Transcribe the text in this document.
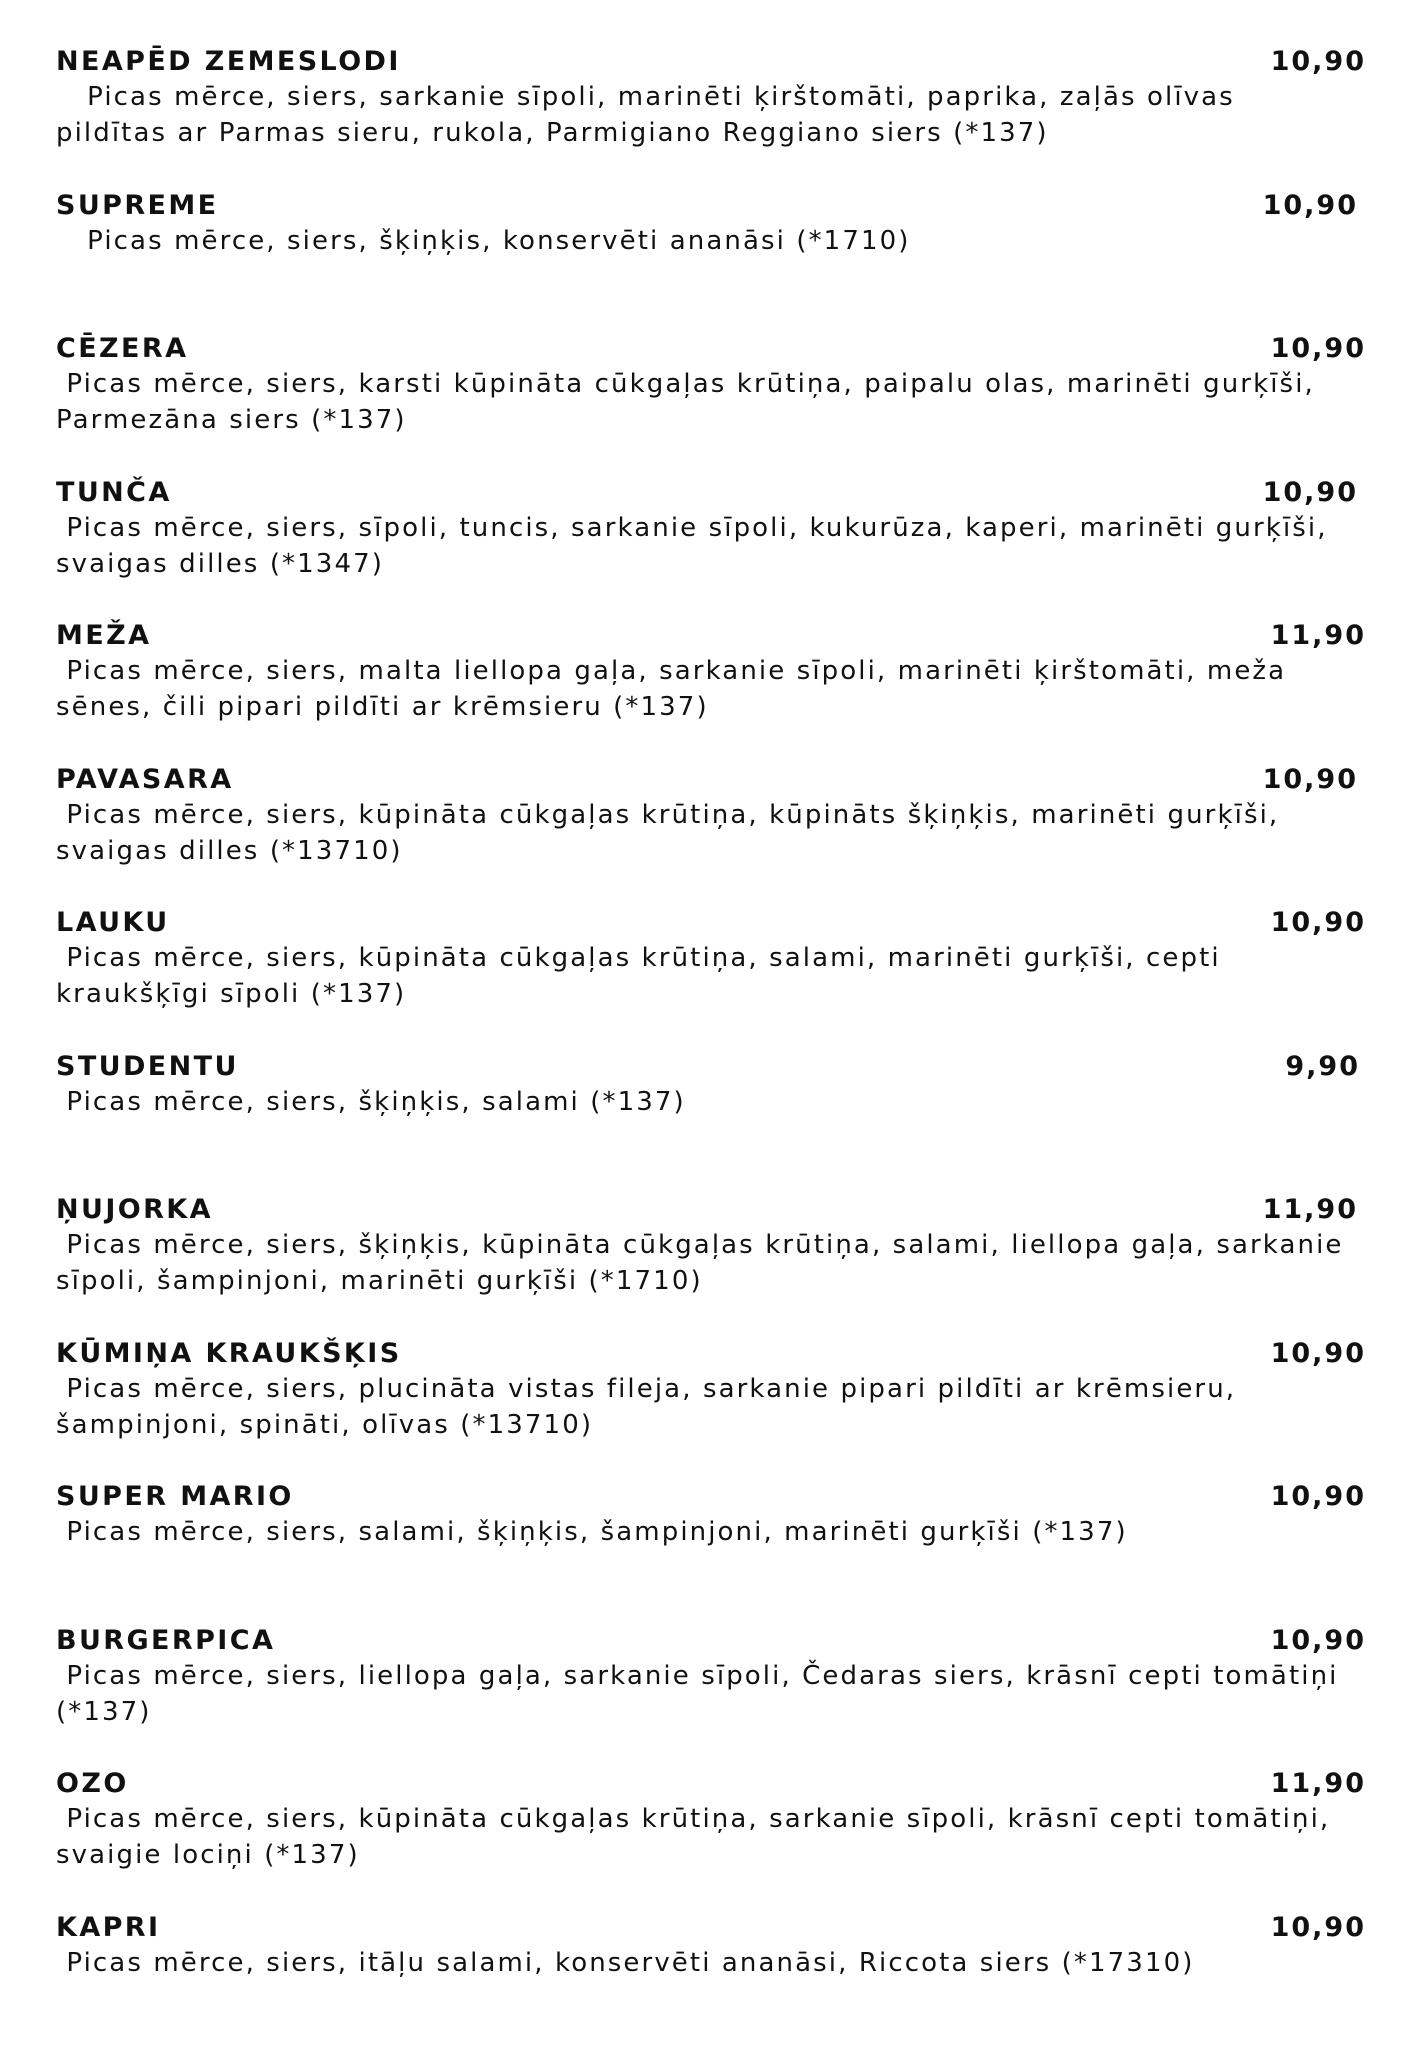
NEAPĒD ZEMESLODI	10,90
Picas mērce, siers, sarkanie sīpoli, marinēti ķirštomāti, paprika, zaļās olīvas pildītas ar Parmas sieru, rukola, Parmigiano Reggiano siers (*137)
SUPREME	10,90
Picas mērce, siers, šķiņķis, konservēti ananāsi (*1710)
CĒZERA	10,90
Picas mērce, siers, karsti kūpināta cūkgaļas krūtiņa, paipalu olas, marinēti gurķīši, Parmezāna siers (*137)
TUNČA	10,90
Picas mērce, siers, sīpoli, tuncis, sarkanie sīpoli, kukurūza, kaperi, marinēti gurķīši, svaigas dilles (*1347)
MEŽA	11,90
Picas mērce, siers, malta liellopa gaļa, sarkanie sīpoli, marinēti ķirštomāti, meža sēnes, čili pipari pildīti ar krēmsieru (*137)
PAVASARA	10,90
Picas mērce, siers, kūpināta cūkgaļas krūtiņa, kūpināts šķiņķis, marinēti gurķīši, svaigas dilles (*13710)
LAUKU	10,90
Picas mērce, siers, kūpināta cūkgaļas krūtiņa, salami, marinēti gurķīši, cepti kraukšķīgi sīpoli (*137)
STUDENTU	9,90
Picas mērce, siers, šķiņķis, salami (*137)
ŅUJORKA	11,90
Picas mērce, siers, šķiņķis, kūpināta cūkgaļas krūtiņa, salami, liellopa gaļa, sarkanie sīpoli, šampinjoni, marinēti gurķīši (*1710)
KŪMIŅA KRAUKŠĶIS	10,90
Picas mērce, siers, plucināta vistas fileja, sarkanie pipari pildīti ar krēmsieru, šampinjoni, spināti, olīvas (*13710)
SUPER MARIO	10,90
Picas mērce, siers, salami, šķiņķis, šampinjoni, marinēti gurķīši (*137)
BURGERPICA	10,90
Picas mērce, siers, liellopa gaļa, sarkanie sīpoli, Čedaras siers, krāsnī cepti tomātiņi (*137)
OZO	11,90
Picas mērce, siers, kūpināta cūkgaļas krūtiņa, sarkanie sīpoli, krāsnī cepti tomātiņi, svaigie lociņi (*137)
KAPRI	10,90
Picas mērce, siers, itāļu salami, konservēti ananāsi, Riccota siers (*17310)
